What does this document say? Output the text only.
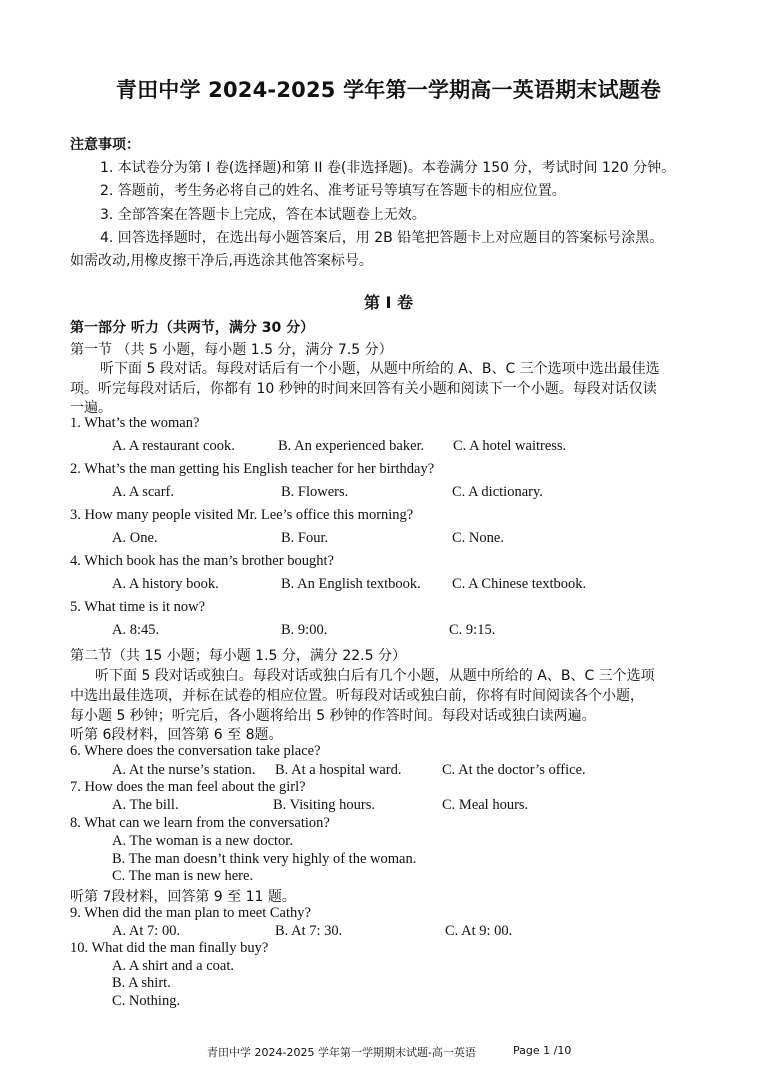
青田中学 2024-2025 学年第一学期高一英语期末试题卷
注意事项：
1. 本试卷分为第 I 卷(选择题)和第 II 卷(非选择题)。本卷满分 150 分，考试时间 120 分钟。
2. 答题前，考生务必将自己的姓名、准考证号等填写在答题卡的相应位置。
3. 全部答案在答题卡上完成，答在本试题卷上无效。
4. 回答选择题时，在选出每小题答案后，用 2B 铅笔把答题卡上对应题目的答案标号涂黑。
如需改动,用橡皮擦干净后,再选涂其他答案标号。
第 I 卷
第一部分 听力（共两节，满分 30 分）
第一节 （共 5 小题，每小题 1.5 分，满分 7.5 分）
听下面 5 段对话。每段对话后有一个小题，从题中所给的 A、B、C 三个选项中选出最佳选
项。听完每段对话后，你都有 10 秒钟的时间来回答有关小题和阅读下一个小题。每段对话仅读
一遍。
1. What’s the woman?
A. A restaurant cook.	B. An experienced baker. C. A hotel waitress.
2. What’s the man getting his English teacher for her birthday?
A. A scarf.	B. Flowers.	C. A dictionary.
3. How many people visited Mr. Lee’s office this morning?
A. One.	B. Four.	C. None.
4. Which book has the man’s brother bought?
A. A history book.	B. An English textbook. C. A Chinese textbook.
5. What time is it now?
A. 8:45.	B. 9:00.	C. 9:15.
第二节（共 15 小题；每小题 1.5 分，满分 22.5 分）
听下面 5 段对话或独白。每段对话或独白后有几个小题，从题中所给的 A、B、C 三个选项
中选出最佳选项，并标在试卷的相应位置。听每段对话或独白前，你将有时间阅读各个小题，
每小题 5 秒钟；听完后，各小题将给出 5 秒钟的作答时间。每段对话或独白读两遍。
听第 6段材料，回答第 6 至 8题。
6. Where does the conversation take place?
A. At the nurse’s station. B. At a hospital ward.	C. At the doctor’s office.
7. How does the man feel about the girl?
A. The bill.	B. Visiting hours.	C. Meal hours.
8. What can we learn from the conversation?
A. The woman is a new doctor.
B. The man doesn’t think very highly of the woman.
C. The man is new here.
听第 7段材料，回答第 9 至 11 题。
9. When did the man plan to meet Cathy?
A. At 7: 00.	B. At 7: 30.	C. At 9: 00.
10. What did the man finally buy?
A. A shirt and a coat.
B. A shirt.
C. Nothing.
青田中学 2024-2025 学年第一学期期末试题-高一英语	Page 1 /10
